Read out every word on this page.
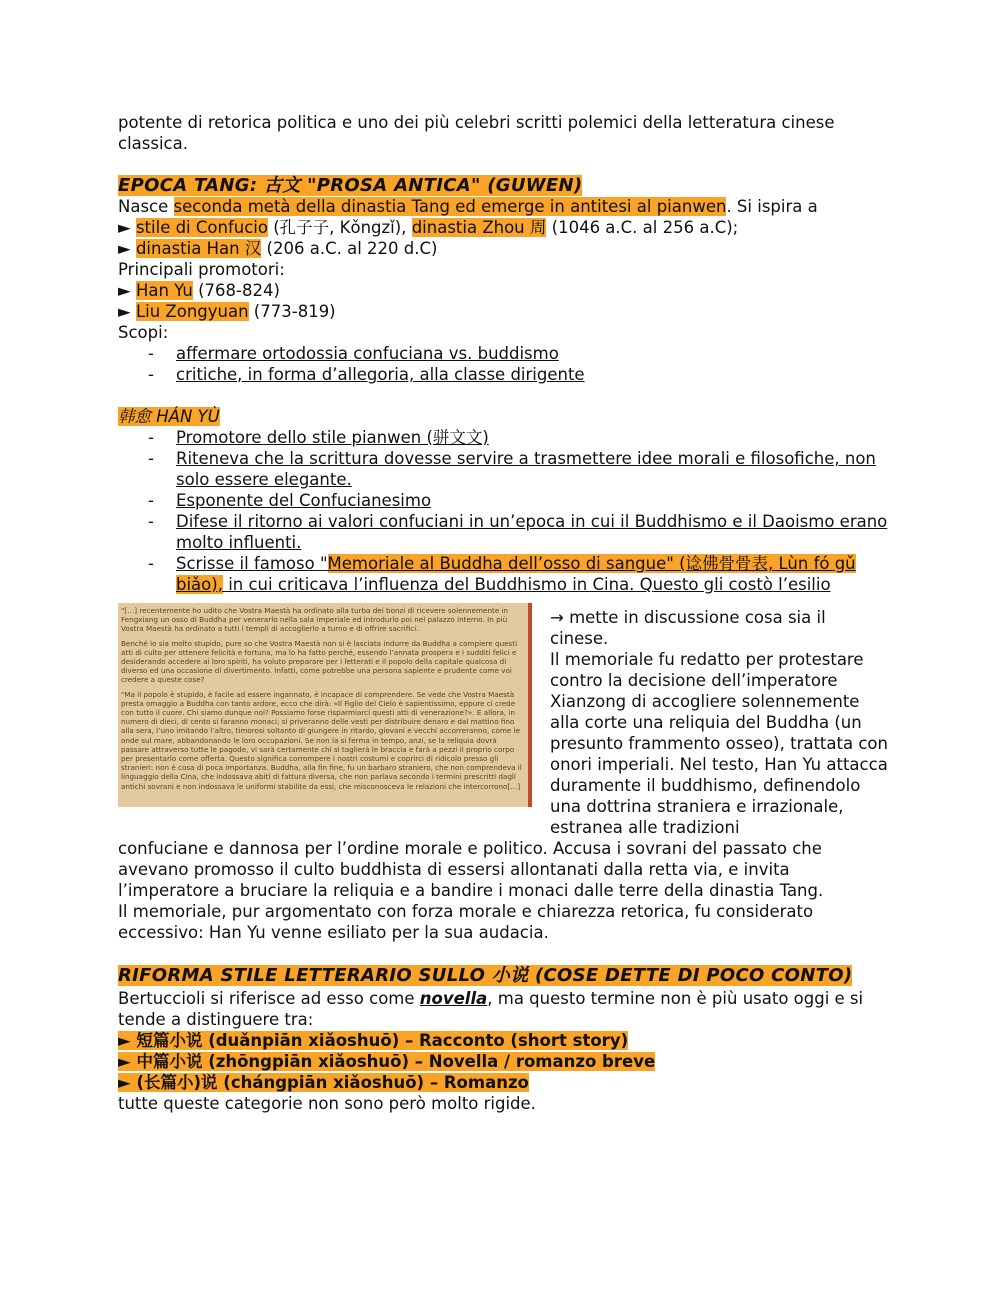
potente di retorica politica e uno dei più celebri scritti polemici della letteratura cinese classica.
EPOCA TANG: 古文 "PROSA ANTICA" (GUWEN)
Nasce seconda metà della dinastia Tang ed emerge in antitesi al pianwen. Si ispira a
► stile di Confucio (孔子子, Kǒngzǐ), dinastia Zhou 周 (1046 a.C. al 256 a.C);
► dinastia Han 汉 (206 a.C. al 220 d.C)
Principali promotori:
► Han Yu (768-824)
► Liu Zongyuan (773-819)
Scopi:
- affermare ortodossia confuciana vs. buddismo
- critiche, in forma d’allegoria, alla classe dirigente
韩愈 HÁN YÙ
- Promotore dello stile pianwen (骈文文)
- Riteneva che la scrittura dovesse servire a trasmettere idee morali e filosofiche, non solo essere elegante.
- Esponente del Confucianesimo
- Difese il ritorno ai valori confuciani in un’epoca in cui il Buddhismo e il Daoismo erano molto influenti.
- Scrisse il famoso "Memoriale al Buddha dell’osso di sangue" (谂佛骨骨表, Lùn fó gǔ biǎo), in cui criticava l’influenza del Buddhismo in Cina. Questo gli costò l’esilio

"[…] recentemente ho udito che Vostra Maestà ha ordinato alla turba dei bonzi di ricevere solennemente in Fengxiang un osso di Buddha per venerarlo nella sala imperiale ed introdurlo poi nel palazzo interno. In più Vostra Maestà ha ordinato a tutti i templi di accoglierlo a turno e di offrire sacrifici.

Benché io sia molto stupido, pure so che Vostra Maestà non si è lasciata indurre da Buddha a compiere questi atti di culto per ottenere felicità e fortuna, ma lo ha fatto perché, essendo l’annata prospera e i sudditi felici e desiderando accedere ai loro spiriti, ha voluto preparare per i letterati e il popolo della capitale qualcosa di diverso ed una occasione di divertimento. Infatti, come potrebbe una persona sapiente e prudente come voi credere a queste cose?

"Ma il popolo è stupido, è facile ad essere ingannato, è incapace di comprendere. Se vede che Vostra Maestà presta omaggio a Buddha con tanto ardore, ecco che dirà: «Il Figlio del Cielo è sapientissimo, eppure ci crede con tutto il cuore. Chi siamo dunque noi? Possiamo forse risparmiarci questi atti di venerazione?». E allora, in numero di dieci, di cento si faranno monaci; si priveranno delle vesti per distribuire denaro e dal mattino fino alla sera, l’uno imitando l’altro, timorosi soltanto di giungere in ritardo, giovani e vecchi accorreranno, come le onde sul mare, abbandonando le loro occupazioni. Se non la si ferma in tempo, anzi, se la reliquia dovrà passare attraverso tutte le pagode, vi sarà certamente chi si taglierà le braccia e farà a pezzi il proprio corpo per presentarlo come offerta. Questo significa corrompere i nostri costumi e coprirci di ridicolo presso gli stranieri: non è cosa di poca importanza. Buddha, alla fin fine, fu un barbaro straniero, che non comprendeva il linguaggio della Cina, che indossava abiti di fattura diversa, che non parlava secondo i termini prescritti dagli antichi sovrani e non indossava le uniformi stabilite da essi, che misconosceva le relazioni che intercorrono[…]

→ mette in discussione cosa sia il cinese.
Il memoriale fu redatto per protestare contro la decisione dell’imperatore Xianzong di accogliere solennemente alla corte una reliquia del Buddha (un presunto frammento osseo), trattata con onori imperiali. Nel testo, Han Yu attacca duramente il buddhismo, definendolo una dottrina straniera e irrazionale, estranea alle tradizioni
confuciane e dannosa per l’ordine morale e politico. Accusa i sovrani del passato che avevano promosso il culto buddhista di essersi allontanati dalla retta via, e invita l’imperatore a bruciare la reliquia e a bandire i monaci dalle terre della dinastia Tang.
Il memoriale, pur argomentato con forza morale e chiarezza retorica, fu considerato eccessivo: Han Yu venne esiliato per la sua audacia.
RIFORMA STILE LETTERARIO SULLO 小说 (COSE DETTE DI POCO CONTO)
Bertuccioli si riferisce ad esso come novella, ma questo termine non è più usato oggi e si tende a distinguere tra:
► 短篇小说 (duǎnpiān xiǎoshuō) – Racconto (short story)
► 中篇小说 (zhōngpiān xiǎoshuō) – Novella / romanzo breve
► (长篇小)说 (chángpiān xiǎoshuō) – Romanzo
tutte queste categorie non sono però molto rigide.
